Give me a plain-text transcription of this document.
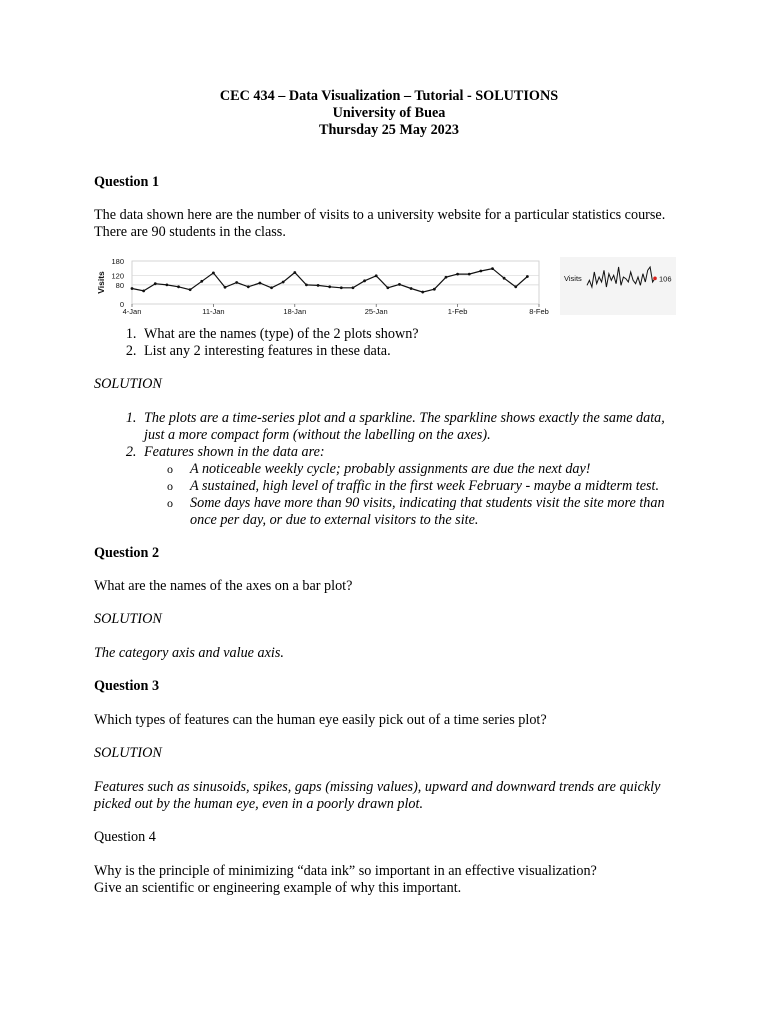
CEC 434 – Data Visualization – Tutorial - SOLUTIONS
University of Buea
Thursday 25 May 2023

Question 1

The data shown here are the number of visits to a university website for a particular statistics course. There are 90 students in the class.

180
120
80
0
4-Jan	11-Jan	18-Jan	25-Jan	1-Feb	8-Feb
Visits	Visits	106
1. What are the names (type) of the 2 plots shown?
2. List any 2 interesting features in these data.

SOLUTION

1. The plots are a time-series plot and a sparkline. The sparkline shows exactly the same data, just a more compact form (without the labelling on the axes).
2. Features shown in the data are:
o A noticeable weekly cycle; probably assignments are due the next day!
o A sustained, high level of traffic in the first week February - maybe a midterm test.
o Some days have more than 90 visits, indicating that students visit the site more than once per day, or due to external visitors to the site.

Question 2

What are the names of the axes on a bar plot?

SOLUTION

The category axis and value axis.

Question 3

Which types of features can the human eye easily pick out of a time series plot?

SOLUTION

Features such as sinusoids, spikes, gaps (missing values), upward and downward trends are quickly picked out by the human eye, even in a poorly drawn plot.

Question 4

Why is the principle of minimizing “data ink” so important in an effective visualization?

Give an scientific or engineering example of why this important.
